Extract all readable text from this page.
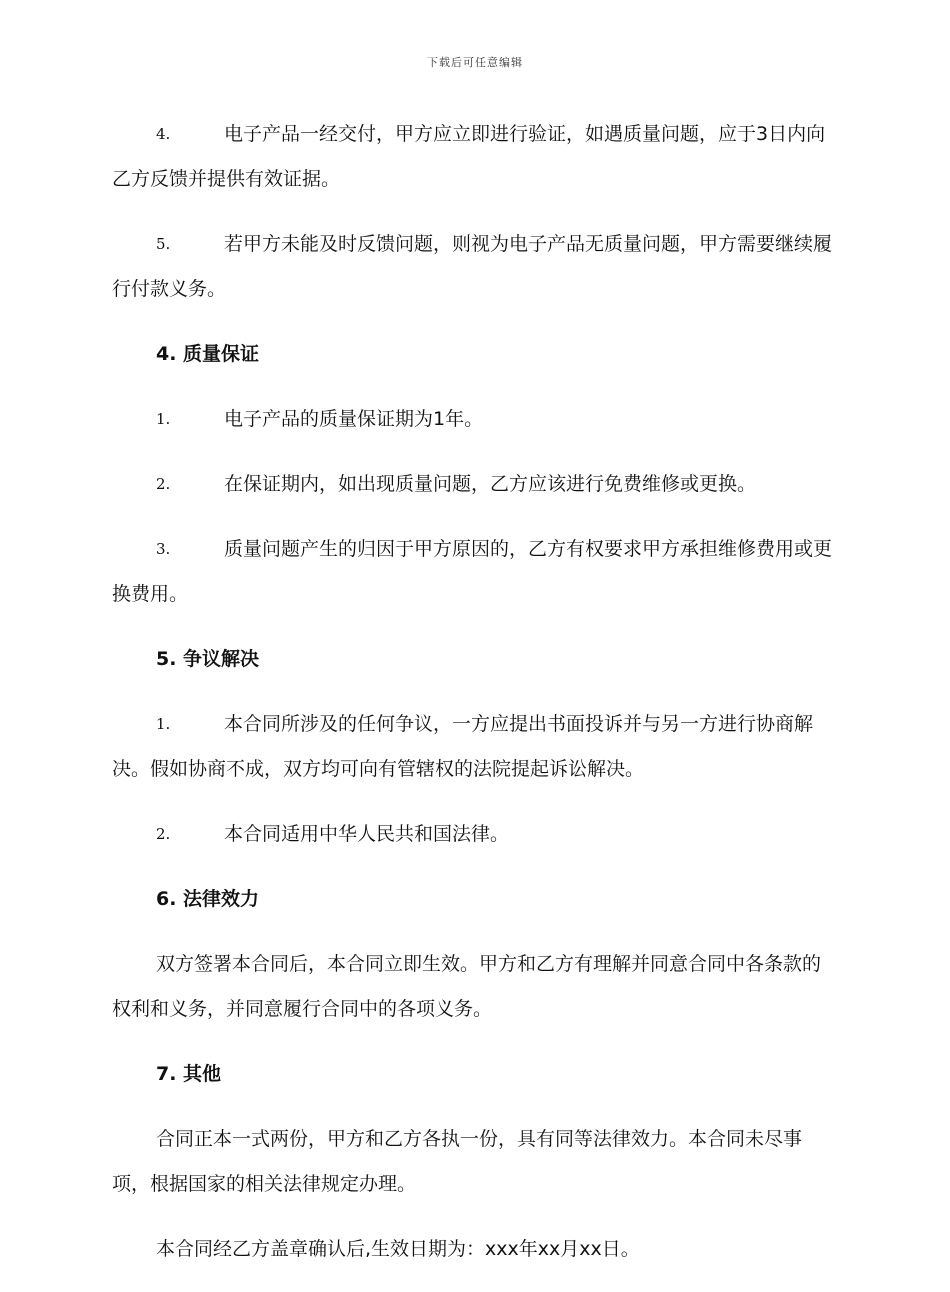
下载后可任意编辑

4.	电子产品一经交付，甲方应立即进行验证，如遇质量问题，应于3日内向乙方反馈并提供有效证据。

5.	若甲方未能及时反馈问题，则视为电子产品无质量问题，甲方需要继续履行付款义务。

4. 质量保证

1.	电子产品的质量保证期为1年。

2.	在保证期内，如出现质量问题，乙方应该进行免费维修或更换。

3.	质量问题产生的归因于甲方原因的，乙方有权要求甲方承担维修费用或更换费用。

5. 争议解决

1.	本合同所涉及的任何争议，一方应提出书面投诉并与另一方进行协商解决。假如协商不成，双方均可向有管辖权的法院提起诉讼解决。

2.	本合同适用中华人民共和国法律。

6. 法律效力

双方签署本合同后，本合同立即生效。甲方和乙方有理解并同意合同中各条款的权利和义务，并同意履行合同中的各项义务。

7. 其他

合同正本一式两份，甲方和乙方各执一份，具有同等法律效力。本合同未尽事项，根据国家的相关法律规定办理。

本合同经乙方盖章确认后,生效日期为：xxx年xx月xx日。
